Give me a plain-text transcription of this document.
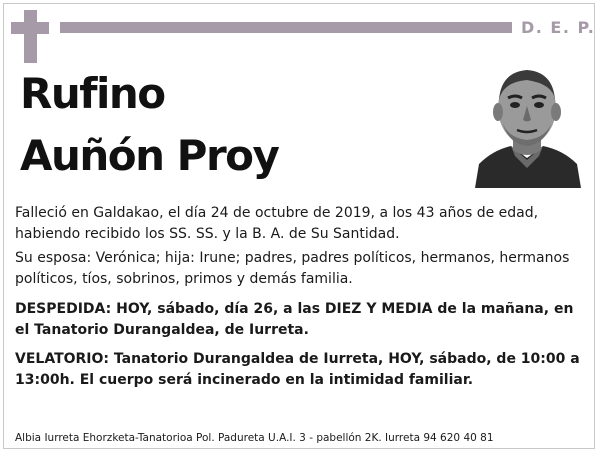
D. E. P.
Rufino
Auñón Proy
Falleció en Galdakao, el día 24 de octubre de 2019, a los 43 años de edad, habiendo recibido los SS. SS. y la B. A. de Su Santidad.
Su esposa: Verónica; hija: Irune; padres, padres políticos, hermanos, hermanos políticos, tíos, sobrinos, primos y demás familia.
DESPEDIDA: HOY, sábado, día 26, a las DIEZ Y MEDIA de la mañana, en el Tanatorio Durangaldea, de Iurreta.
VELATORIO: Tanatorio Durangaldea de Iurreta, HOY, sábado, de 10:00 a 13:00h. El cuerpo será incinerado en la intimidad familiar.
Albia Iurreta Ehorzketa-Tanatorioa Pol. Padureta U.A.I. 3 - pabellón 2K. Iurreta 94 620 40 81
